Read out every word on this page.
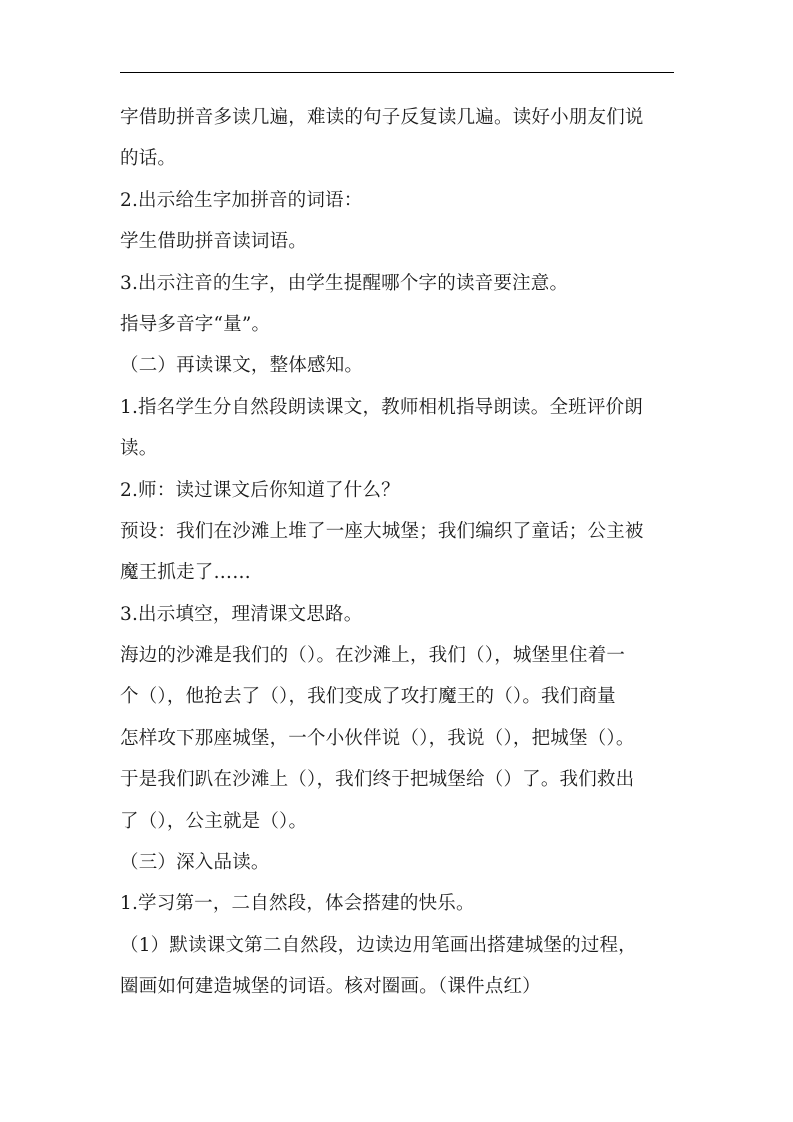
字借助拼音多读几遍，难读的句子反复读几遍。读好小朋友们说
的话。
2.出示给生字加拼音的词语：
学生借助拼音读词语。
3.出示注音的生字，由学生提醒哪个字的读音要注意。
指导多音字“量”。
（二）再读课文，整体感知。
1.指名学生分自然段朗读课文，教师相机指导朗读。全班评价朗
读。
2.师：读过课文后你知道了什么？
预设：我们在沙滩上堆了一座大城堡；我们编织了童话；公主被
魔王抓走了……
3.出示填空，理清课文思路。
海边的沙滩是我们的（）。在沙滩上，我们（），城堡里住着一
个（），他抢去了（），我们变成了攻打魔王的（）。我们商量
怎样攻下那座城堡，一个小伙伴说（），我说（），把城堡（）。
于是我们趴在沙滩上（），我们终于把城堡给（）了。我们救出
了（），公主就是（）。
（三）深入品读。
1.学习第一，二自然段，体会搭建的快乐。
（1）默读课文第二自然段，边读边用笔画出搭建城堡的过程，
圈画如何建造城堡的词语。核对圈画。（课件点红）
